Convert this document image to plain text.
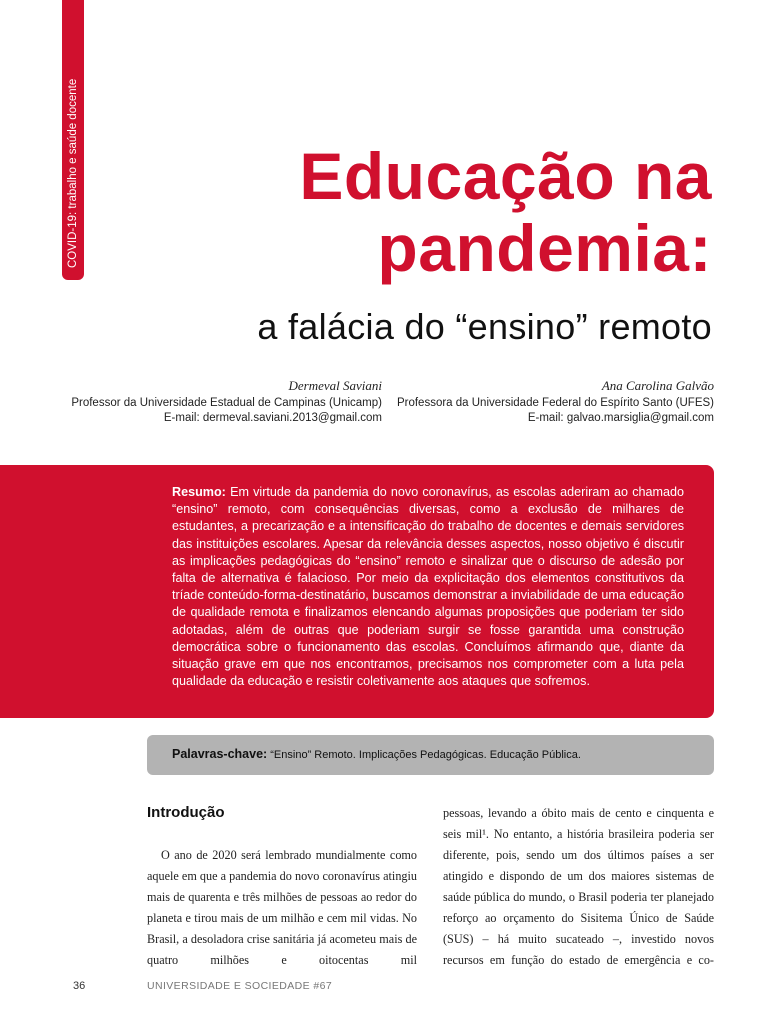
COVID-19: trabalho e saúde docente	Educação na
pandemia:
a falácia do “ensino” remoto
Dermeval Saviani
Professor da Universidade Estadual de Campinas (Unicamp)
E-mail: dermeval.saviani.2013@gmail.com
Ana Carolina Galvão
Professora da Universidade Federal do Espírito Santo (UFES)
E-mail: galvao.marsiglia@gmail.com

Resumo: Em virtude da pandemia do novo coronavírus, as escolas aderiram ao chamado “ensino” remoto, com consequências diversas, como a exclusão de milhares de estudantes, a precarização e a intensificação do trabalho de docentes e demais servidores das instituições escolares. Apesar da relevância desses aspectos, nosso objetivo é discutir as implicações pedagógicas do “ensino” remoto e sinalizar que o discurso de adesão por falta de alternativa é falacioso. Por meio da explicitação dos elementos constitutivos da tríade conteúdo-forma-destinatário, buscamos demonstrar a inviabilidade de uma educação de qualidade remota e finalizamos elencando algumas proposições que poderiam ter sido adotadas, além de outras que poderiam surgir se fosse garantida uma construção democrática sobre o funcionamento das escolas. Concluímos afirmando que, diante da situação grave em que nos encontramos, precisamos nos comprometer com a luta pela qualidade da educação e resistir coletivamente aos ataques que sofremos.

Palavras-chave: “Ensino” Remoto. Implicações Pedagógicas. Educação Pública.

Introdução

O ano de 2020 será lembrado mundialmente como aquele em que a pandemia do novo coronavírus atingiu mais de quarenta e três milhões de pessoas ao redor do planeta e tirou mais de um milhão e cem mil vidas. No Brasil, a desoladora crise sanitária já acometeu mais de quatro milhões e oitocentas mil

pessoas, levando a óbito mais de cento e cinquenta e seis mil¹. No entanto, a história brasileira poderia ser diferente, pois, sendo um dos últimos países a ser atingido e dispondo de um dos maiores sistemas de saúde pública do mundo, o Brasil poderia ter planejado reforço ao orçamento do Sisitema Único de Saúde (SUS) – há muito sucateado –, investido novos recursos em função do estado de emergência e co-

36	UNIVERSIDADE E SOCIEDADE #67
